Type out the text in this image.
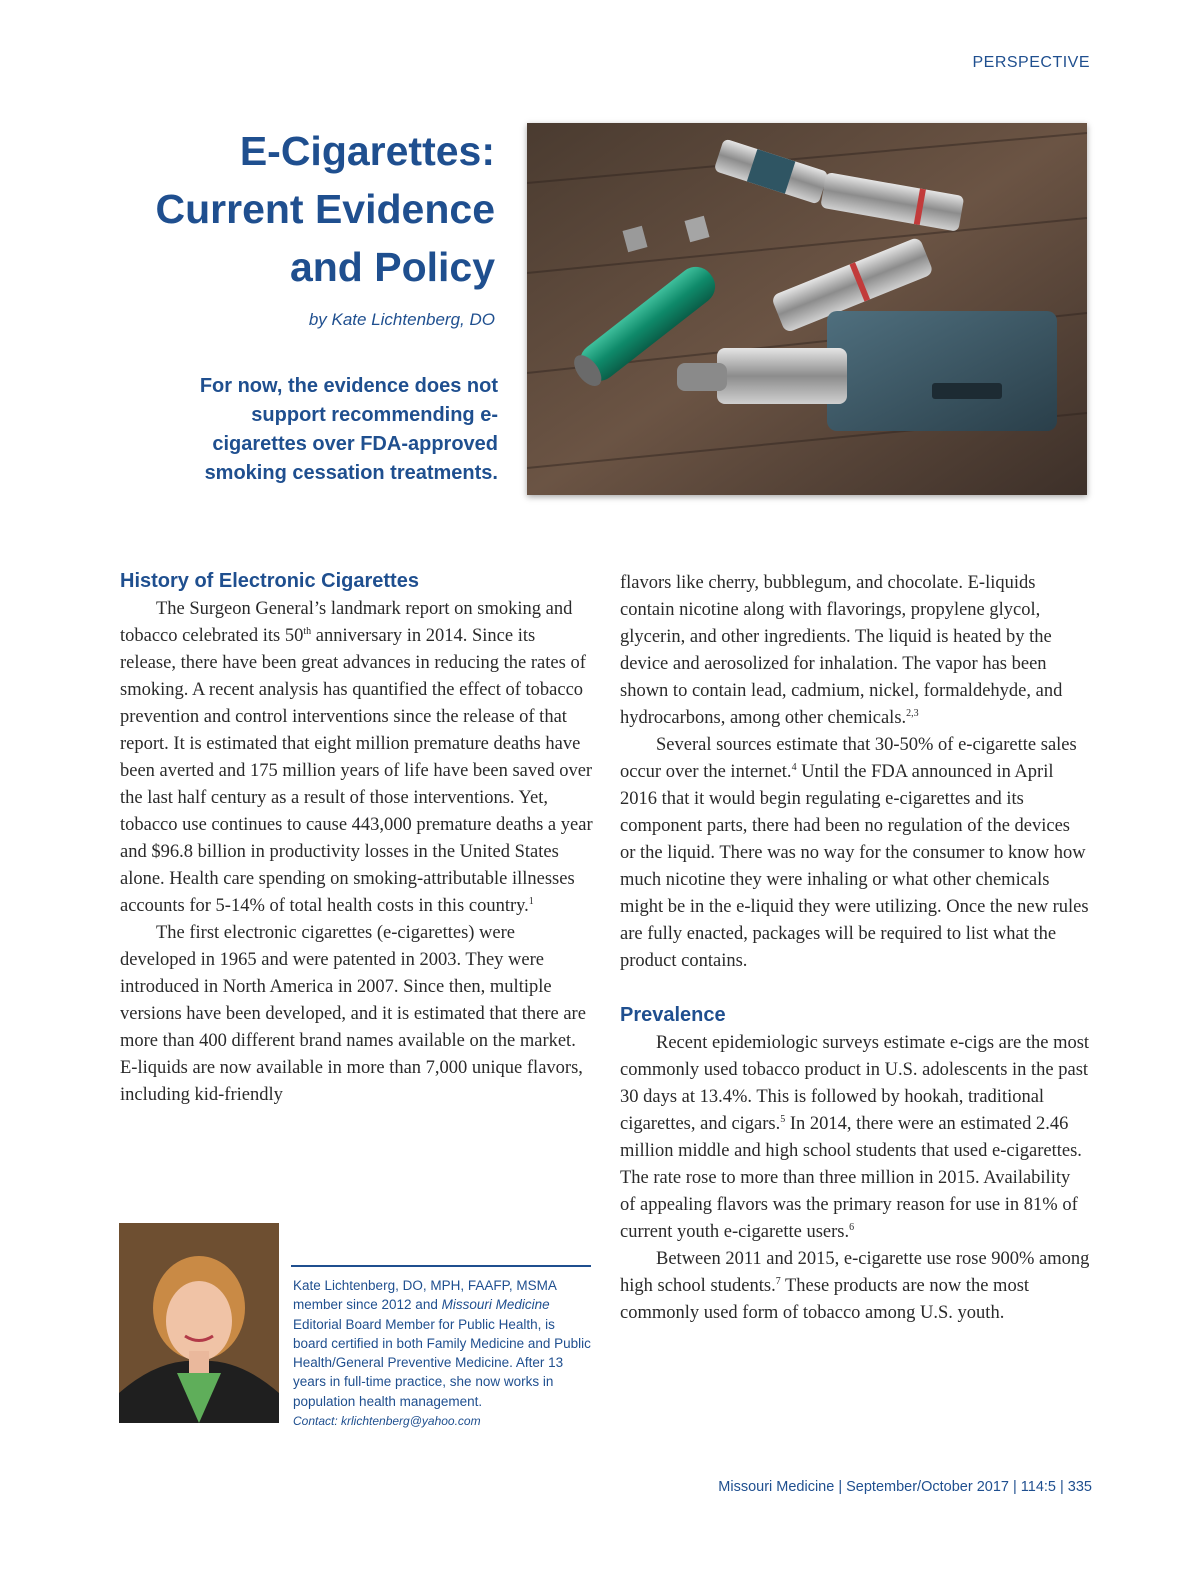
PERSPECTIVE
E-Cigarettes:
Current Evidence
and Policy
by Kate Lichtenberg, DO
For now, the evidence does not support recommending e-cigarettes over FDA-approved smoking cessation treatments.
History of Electronic Cigarettes

The Surgeon General’s landmark report on smoking and tobacco celebrated its 50th anniversary in 2014. Since its release, there have been great advances in reducing the rates of smoking. A recent analysis has quantified the effect of tobacco prevention and control interventions since the release of that report. It is estimated that eight million premature deaths have been averted and 175 million years of life have been saved over the last half century as a result of those interventions. Yet, tobacco use continues to cause 443,000 premature deaths a year and $96.8 billion in productivity losses in the United States alone. Health care spending on smoking-attributable illnesses accounts for 5-14% of total health costs in this country.$^1$

The first electronic cigarettes (e-cigarettes) were developed in 1965 and were patented in 2003. They were introduced in North America in 2007. Since then, multiple versions have been developed, and it is estimated that there are more than 400 different brand names available on the market. E-liquids are now available in more than 7,000 unique flavors, including kid-friendly

flavors like cherry, bubblegum, and chocolate. E-liquids contain nicotine along with flavorings, propylene glycol, glycerin, and other ingredients. The liquid is heated by the device and aerosolized for inhalation. The vapor has been shown to contain lead, cadmium, nickel, formaldehyde, and hydrocarbons, among other chemicals.$^{2,3}$

Several sources estimate that 30-50% of e-cigarette sales occur over the internet.$^4$ Until the FDA announced in April 2016 that it would begin regulating e-cigarettes and its component parts, there had been no regulation of the devices or the liquid. There was no way for the consumer to know how much nicotine they were inhaling or what other chemicals might be in the e-liquid they were utilizing. Once the new rules are fully enacted, packages will be required to list what the product contains.

Prevalence

Recent epidemiologic surveys estimate e-cigs are the most commonly used tobacco product in U.S. adolescents in the past 30 days at 13.4%. This is followed by hookah, traditional cigarettes, and cigars.$^5$ In 2014, there were an estimated 2.46 million middle and high school students that used e-cigarettes. The rate rose to more than three million in 2015. Availability of appealing flavors was the primary reason for use in 81% of current youth e-cigarette users.$^6$

Between 2011 and 2015, e-cigarette use rose 900% among high school students.$^7$ These products are now the most commonly used form of tobacco among U.S. youth.

Kate Lichtenberg, DO, MPH, FAAFP, MSMA member since 2012 and Missouri Medicine Editorial Board Member for Public Health, is board certified in both Family Medicine and Public Health/General Preventive Medicine. After 13 years in full-time practice, she now works in population health management.
Contact: krlichtenberg@yahoo.com
Missouri Medicine | September/October 2017 | 114:5 | 335
